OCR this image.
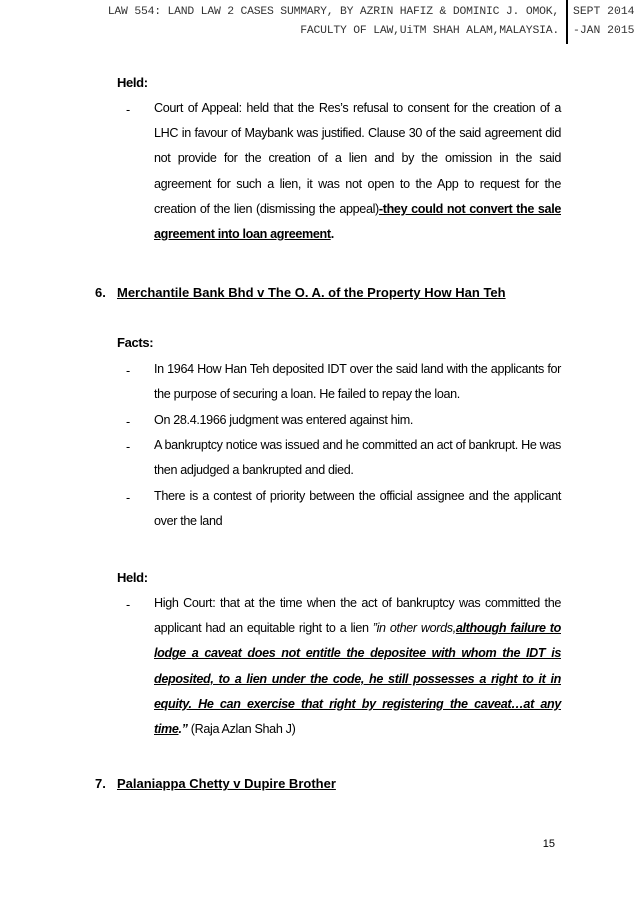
LAW 554: LAND LAW 2 CASES SUMMARY, BY AZRIN HAFIZ & DOMINIC J. OMOK,
FACULTY OF LAW,UiTM SHAH ALAM,MALAYSIA.
SEPT 2014
-JAN 2015
Held:
- Court of Appeal: held that the Res’s refusal to consent for the creation of a LHC in favour of Maybank was justified. Clause 30 of the said agreement did not provide for the creation of a lien and by the omission in the said agreement for such a lien, it was not open to the App to request for the creation of the lien (dismissing the appeal)-they could not convert the sale agreement into loan agreement.
6. Merchantile Bank Bhd v The O. A. of the Property How Han Teh
Facts:
- In 1964 How Han Teh deposited IDT over the said land with the applicants for the purpose of securing a loan. He failed to repay the loan.
- On 28.4.1966 judgment was entered against him.
- A bankruptcy notice was issued and he committed an act of bankrupt. He was then adjudged a bankrupted and died.
- There is a contest of priority between the official assignee and the applicant over the land
Held:
- High Court: that at the time when the act of bankruptcy was committed the applicant had an equitable right to a lien ”in other words,although failure to lodge a caveat does not entitle the depositee with whom the IDT is deposited, to a lien under the code, he still possesses a right to it in equity. He can exercise that right by registering the caveat…at any time.” (Raja Azlan Shah J)
7. Palaniappa Chetty v Dupire Brother
15
